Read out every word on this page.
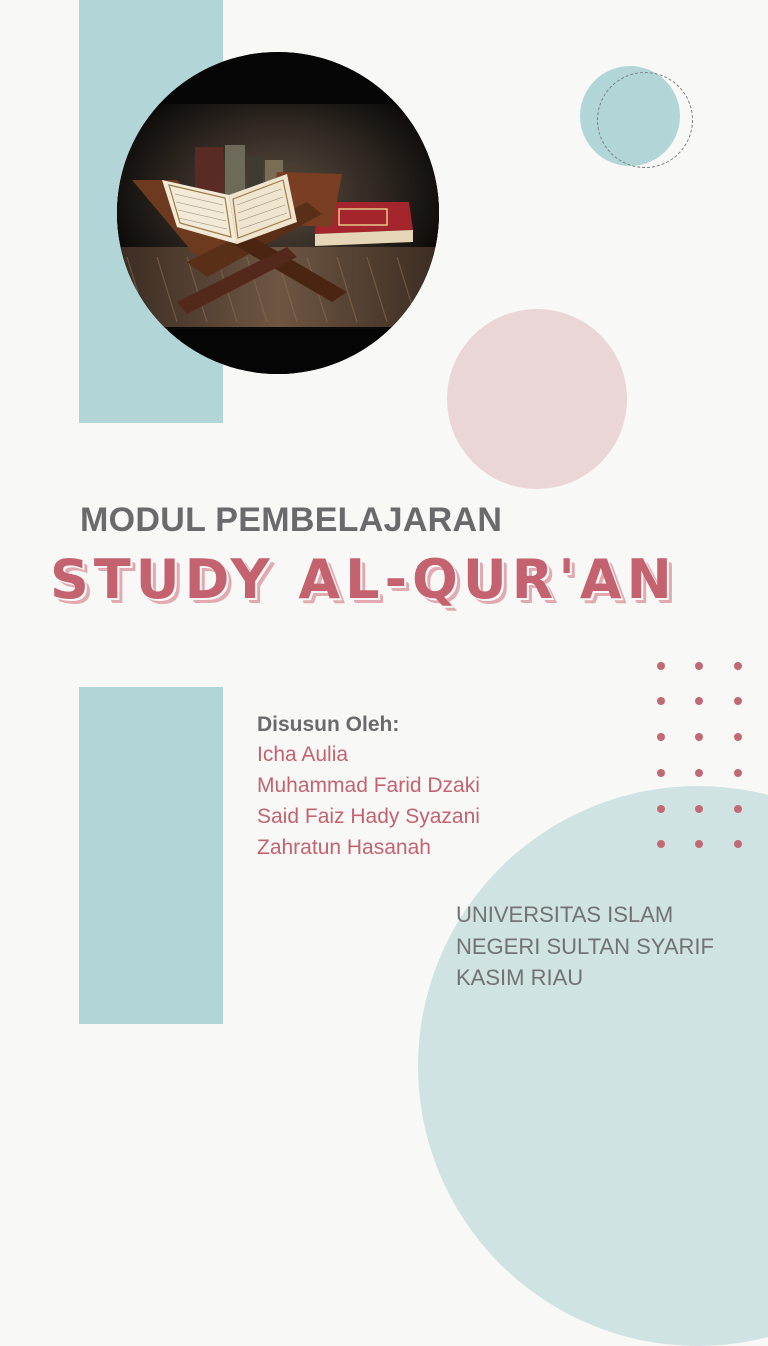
MODUL PEMBELAJARAN
STUDY AL-QUR'AN
Disusun Oleh:
Icha Aulia
Muhammad Farid Dzaki
Said Faiz Hady Syazani
Zahratun Hasanah
UNIVERSITAS ISLAM
NEGERI SULTAN SYARIF
KASIM RIAU
